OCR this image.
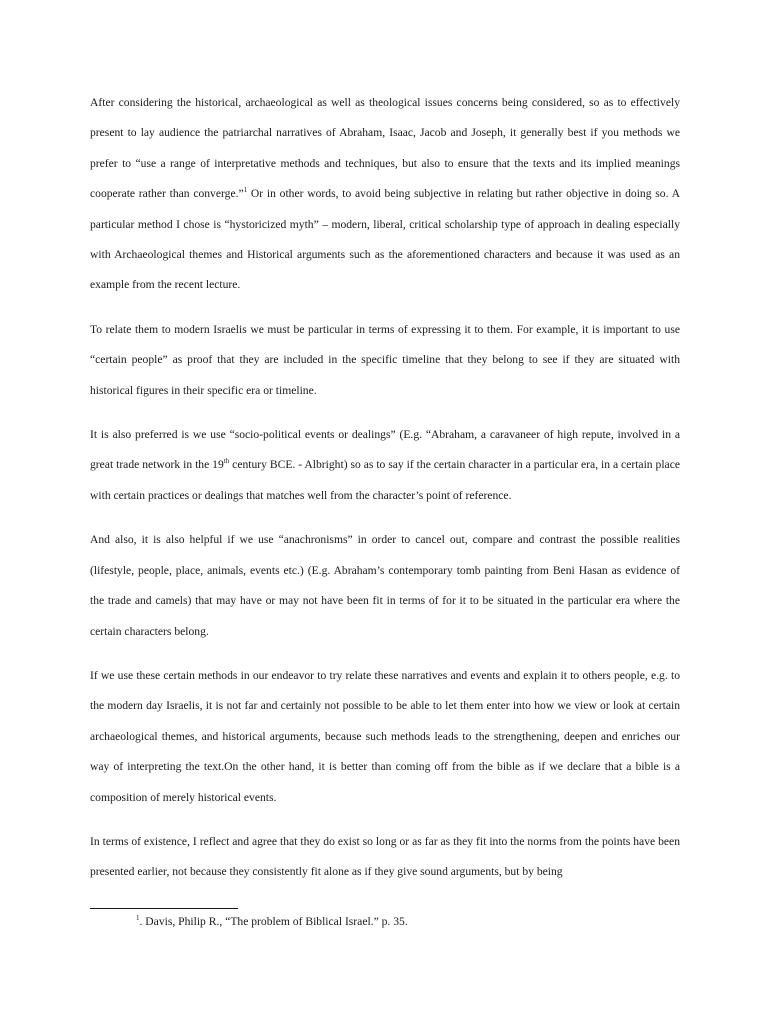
After considering the historical, archaeological as well as theological issues concerns being considered, so as to effectively present to lay audience the patriarchal narratives of Abraham, Isaac, Jacob and Joseph, it generally best if you methods we prefer to “use a range of interpretative methods and techniques, but also to ensure that the texts and its implied meanings cooperate rather than converge.”$^1$ Or in other words, to avoid being subjective in relating but rather objective in doing so. A particular method I chose is “hystoricized myth” – modern, liberal, critical scholarship type of approach in dealing especially with Archaeological themes and Historical arguments such as the aforementioned characters and because it was used as an example from the recent lecture.

To relate them to modern Israelis we must be particular in terms of expressing it to them. For example, it is important to use “certain people” as proof that they are included in the specific timeline that they belong to see if they are situated with historical figures in their specific era or timeline.

It is also preferred is we use “socio-political events or dealings” (E.g. “Abraham, a caravaneer of high repute, involved in a great trade network in the 19th century BCE. - Albright) so as to say if the certain character in a particular era, in a certain place with certain practices or dealings that matches well from the character’s point of reference.

And also, it is also helpful if we use “anachronisms” in order to cancel out, compare and contrast the possible realities (lifestyle, people, place, animals, events etc.) (E.g. Abraham’s contemporary tomb painting from Beni Hasan as evidence of the trade and camels) that may have or may not have been fit in terms of for it to be situated in the particular era where the certain characters belong.

If we use these certain methods in our endeavor to try relate these narratives and events and explain it to others people, e.g. to the modern day Israelis, it is not far and certainly not possible to be able to let them enter into how we view or look at certain archaeological themes, and historical arguments, because such methods leads to the strengthening, deepen and enriches our way of interpreting the text.On the other hand, it is better than coming off from the bible as if we declare that a bible is a composition of merely historical events.

In terms of existence, I reflect and agree that they do exist so long or as far as they fit into the norms from the points have been presented earlier, not because they consistently fit alone as if they give sound arguments, but by being

$^1$. Davis, Philip R., “The problem of Biblical Israel.” p. 35.
